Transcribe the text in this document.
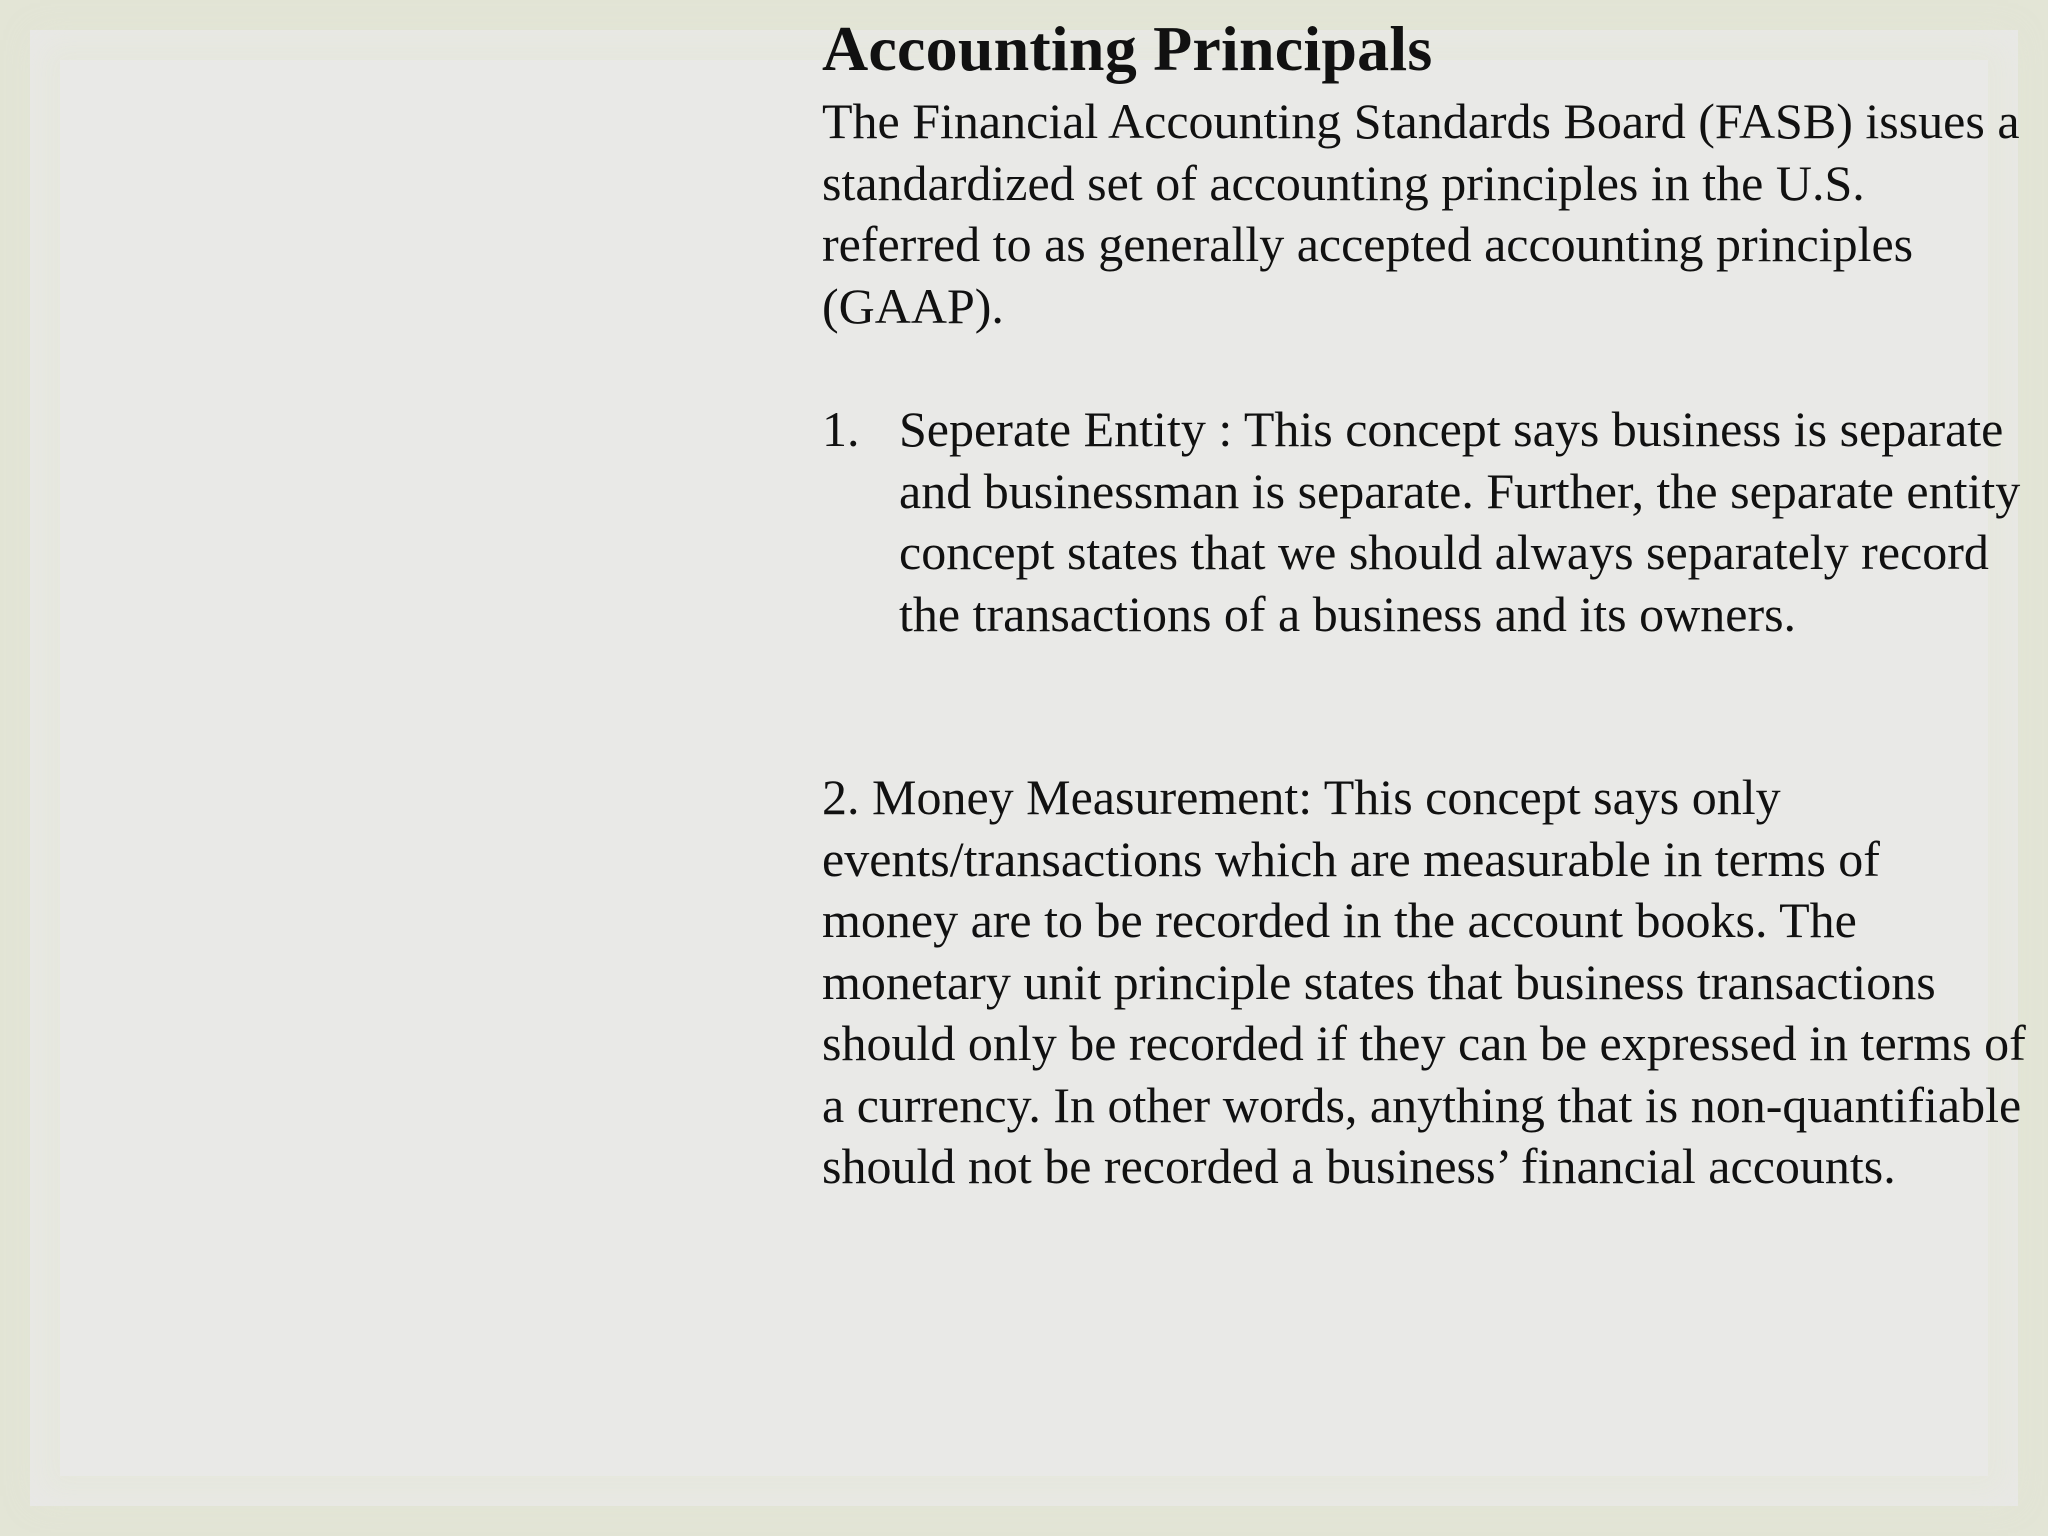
Accounting Principals

The Financial Accounting Standards Board (FASB) issues a standardized set of accounting principles in the U.S. referred to as generally accepted accounting principles (GAAP).

1. Seperate Entity : This concept says business is separate and businessman is separate. Further, the separate entity concept states that we should always separately record the transactions of a business and its owners.

2. Money Measurement: This concept says only events/transactions which are measurable in terms of money are to be recorded in the account books. The monetary unit principle states that business transactions should only be recorded if they can be expressed in terms of a currency. In other words, anything that is non-quantifiable should not be recorded a business’ financial accounts.
